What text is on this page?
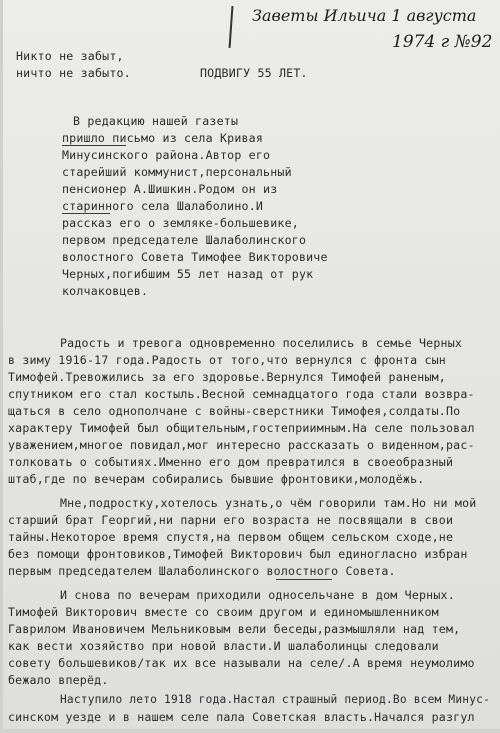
Заветы Ильича 1 августа
1974 г №92
Никто не забыт,
ничто не забыто.	ПОДВИГУ 55 ЛЕТ.
В редакцию нашей газеты
пришло письмо из села Кривая
Минусинского района.Автор его
старейший коммунист,персональный
пенсионер А.Шишкин.Родом он из
старинного села Шалаболино.И
рассказ его о земляке-большевике,
первом председателе Шалаболинского
волостного Совета Тимофее Викторовиче
Черных,погибшим 55 лет назад от рук
колчаковцев.
Радость и тревога одновременно поселились в семье Черных
в зиму 1916-17 года.Радость от того,что вернулся с фронта сын
Тимофей.Тревожились за его здоровье.Вернулся Тимофей раненым,
спутником его стал костыль.Весной семнадцатого года стали возвра-
щаться в село однополчане с войны-сверстники Тимофея,солдаты.По
характеру Тимофей был общительным,гостеприимным.На селе пользовал
уважением,многое повидал,мог интересно рассказать о виденном,рас-
толковать о событиях.Именно его дом превратился в своеобразный
штаб,где по вечерам собирались бывшие фронтовики,молодёжь.
Мне,подростку,хотелось узнать,о чём говорили там.Но ни мой
старший брат Георгий,ни парни его возраста не посвящали в свои
тайны.Некоторое время спустя,на первом общем сельском сходе,не
без помощи фронтовиков,Тимофей Викторович был единогласно избран
первым председателем Шалаболинского волостного Совета.
И снова по вечерам приходили односельчане в дом Черных.
Тимофей Викторович вместе со своим другом и единомышленником
Гаврилом Ивановичем Мельниковым вели беседы,размышляли над тем,
как вести хозяйство при новой власти.И шалаболинцы следовали
совету большевиков/так их все называли на селе/.А время неумолимо
бежало вперёд.
Наступило лето 1918 года.Настал страшный период.Во всем Минус-
синском уезде и в нашем селе пала Советская власть.Начался разгул
